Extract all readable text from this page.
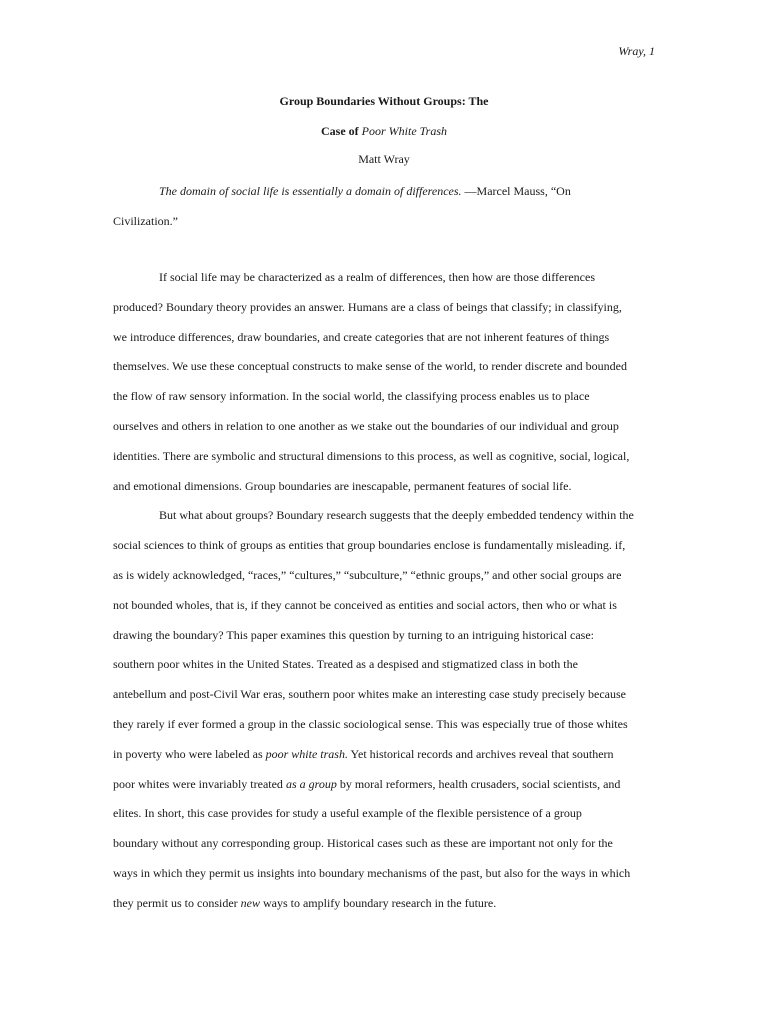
Wray, 1
Group Boundaries Without Groups: The
Case of Poor White Trash
Matt Wray
The domain of social life is essentially a domain of differences. —Marcel Mauss, “On
Civilization.”
If social life may be characterized as a realm of differences, then how are those differences
produced? Boundary theory provides an answer. Humans are a class of beings that classify; in classifying,
we introduce differences, draw boundaries, and create categories that are not inherent features of things
themselves. We use these conceptual constructs to make sense of the world, to render discrete and bounded
the flow of raw sensory information. In the social world, the classifying process enables us to place
ourselves and others in relation to one another as we stake out the boundaries of our individual and group
identities. There are symbolic and structural dimensions to this process, as well as cognitive, social, logical,
and emotional dimensions. Group boundaries are inescapable, permanent features of social life.
But what about groups? Boundary research suggests that the deeply embedded tendency within the
social sciences to think of groups as entities that group boundaries enclose is fundamentally misleading. if,
as is widely acknowledged, “races,” “cultures,” “subculture,” “ethnic groups,” and other social groups are
not bounded wholes, that is, if they cannot be conceived as entities and social actors, then who or what is
drawing the boundary? This paper examines this question by turning to an intriguing historical case:
southern poor whites in the United States. Treated as a despised and stigmatized class in both the
antebellum and post-Civil War eras, southern poor whites make an interesting case study precisely because
they rarely if ever formed a group in the classic sociological sense. This was especially true of those whites
in poverty who were labeled as poor white trash. Yet historical records and archives reveal that southern
poor whites were invariably treated as a group by moral reformers, health crusaders, social scientists, and
elites. In short, this case provides for study a useful example of the flexible persistence of a group
boundary without any corresponding group. Historical cases such as these are important not only for the
ways in which they permit us insights into boundary mechanisms of the past, but also for the ways in which
they permit us to consider new ways to amplify boundary research in the future.
